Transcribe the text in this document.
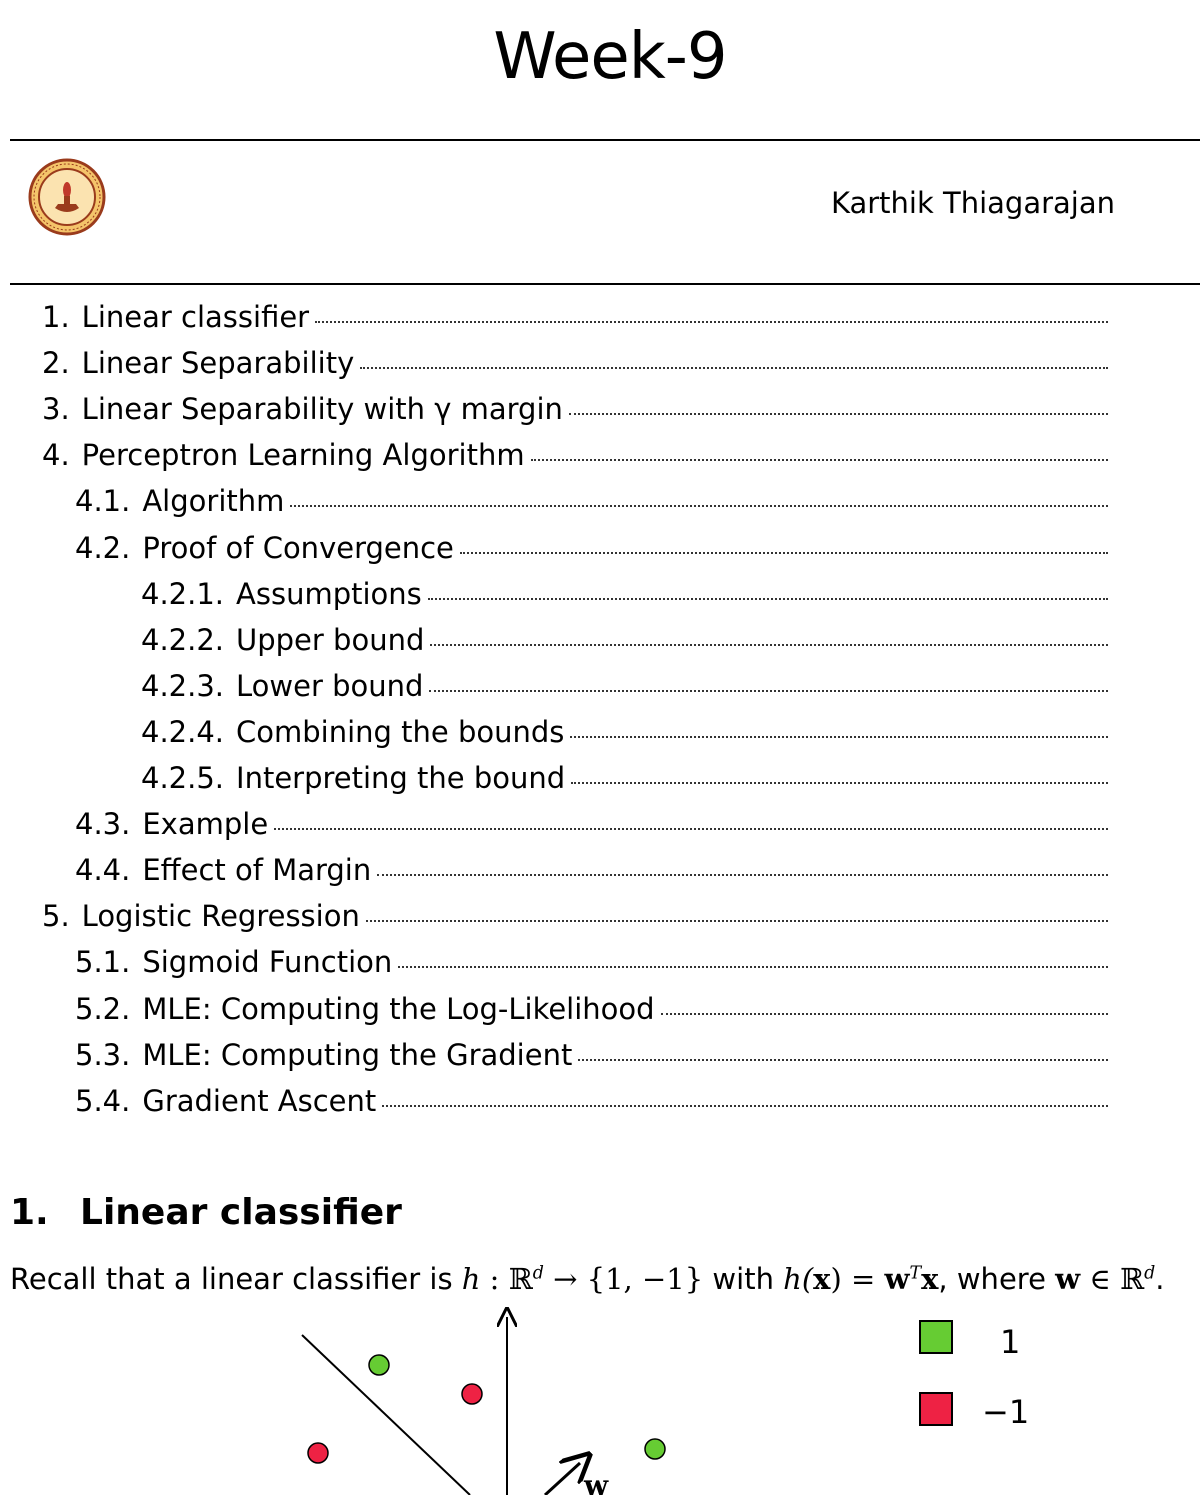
Week-9
Karthik Thiagarajan
1. Linear classifier
2. Linear Separability
3. Linear Separability with γ margin
4. Perceptron Learning Algorithm
4.1. Algorithm
4.2. Proof of Convergence
4.2.1. Assumptions
4.2.2. Upper bound
4.2.3. Lower bound
4.2.4. Combining the bounds
4.2.5. Interpreting the bound
4.3. Example
4.4. Effect of Margin
5. Logistic Regression
5.1. Sigmoid Function
5.2. MLE: Computing the Log-Likelihood
5.3. MLE: Computing the Gradient
5.4. Gradient Ascent
1. Linear classifier
Recall that a linear classifier is h : ℝ$^d$ → {1, −1} with $h(x) = w^Tx$, where w ∈ ℝ$^d$.
w
1
−1
